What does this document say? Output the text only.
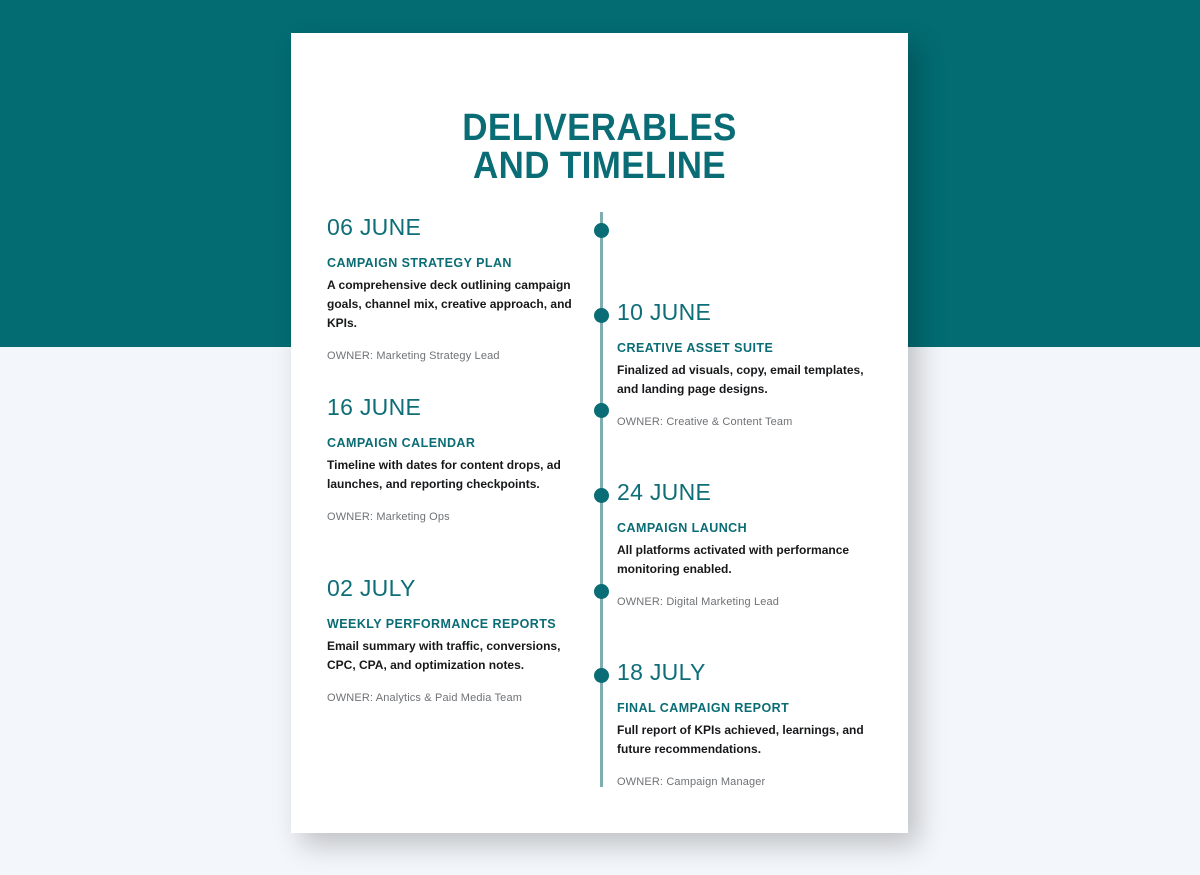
DELIVERABLES
AND TIMELINE

06 JUNE

CAMPAIGN STRATEGY PLAN

A comprehensive deck outlining campaign goals, channel mix, creative approach, and KPIs.

OWNER: Marketing Strategy Lead

10 JUNE

CREATIVE ASSET SUITE

Finalized ad visuals, copy, email templates, and landing page designs.

OWNER: Creative & Content Team

16 JUNE

CAMPAIGN CALENDAR

Timeline with dates for content drops, ad launches, and reporting checkpoints.

OWNER: Marketing Ops

24 JUNE

CAMPAIGN LAUNCH

All platforms activated with performance monitoring enabled.

OWNER: Digital Marketing Lead

02 JULY

WEEKLY PERFORMANCE REPORTS

Email summary with traffic, conversions, CPC, CPA, and optimization notes.

OWNER: Analytics & Paid Media Team

18 JULY

FINAL CAMPAIGN REPORT

Full report of KPIs achieved, learnings, and future recommendations.

OWNER: Campaign Manager
